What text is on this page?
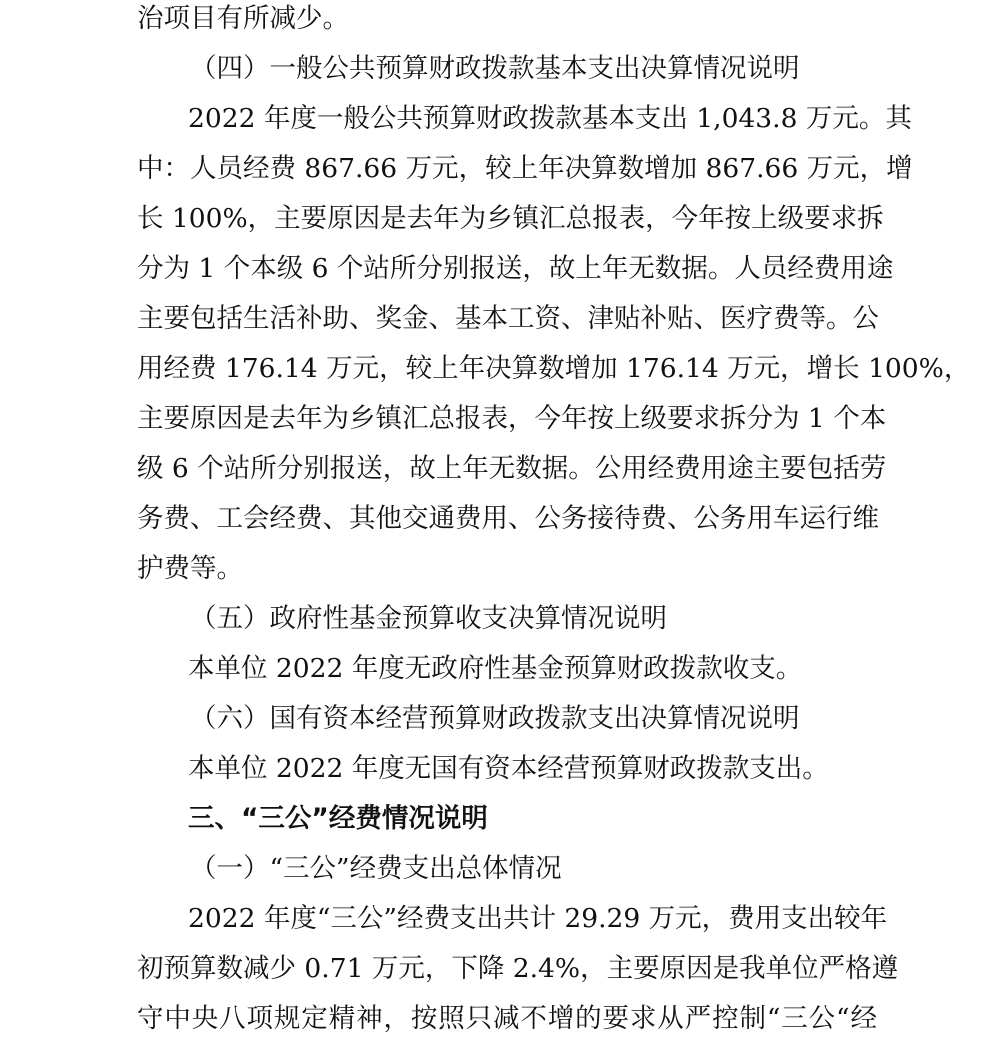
治项目有所减少。
（四）一般公共预算财政拨款基本支出决算情况说明
2022 年度一般公共预算财政拨款基本支出 1,043.8 万元。其
中：人员经费 867.66 万元，较上年决算数增加 867.66 万元，增
长 100%，主要原因是去年为乡镇汇总报表，今年按上级要求拆
分为 1 个本级 6 个站所分别报送，故上年无数据。人员经费用途
主要包括生活补助、奖金、基本工资、津贴补贴、医疗费等。公
用经费 176.14 万元，较上年决算数增加 176.14 万元，增长 100%，
主要原因是去年为乡镇汇总报表，今年按上级要求拆分为 1 个本
级 6 个站所分别报送，故上年无数据。公用经费用途主要包括劳
务费、工会经费、其他交通费用、公务接待费、公务用车运行维
护费等。
（五）政府性基金预算收支决算情况说明
本单位 2022 年度无政府性基金预算财政拨款收支。
（六）国有资本经营预算财政拨款支出决算情况说明
本单位 2022 年度无国有资本经营预算财政拨款支出。
三、“三公”经费情况说明
（一）“三公”经费支出总体情况
2022 年度“三公”经费支出共计 29.29 万元，费用支出较年
初预算数减少 0.71 万元，下降 2.4%，主要原因是我单位严格遵
守中央八项规定精神，按照只减不增的要求从严控制“三公“经
